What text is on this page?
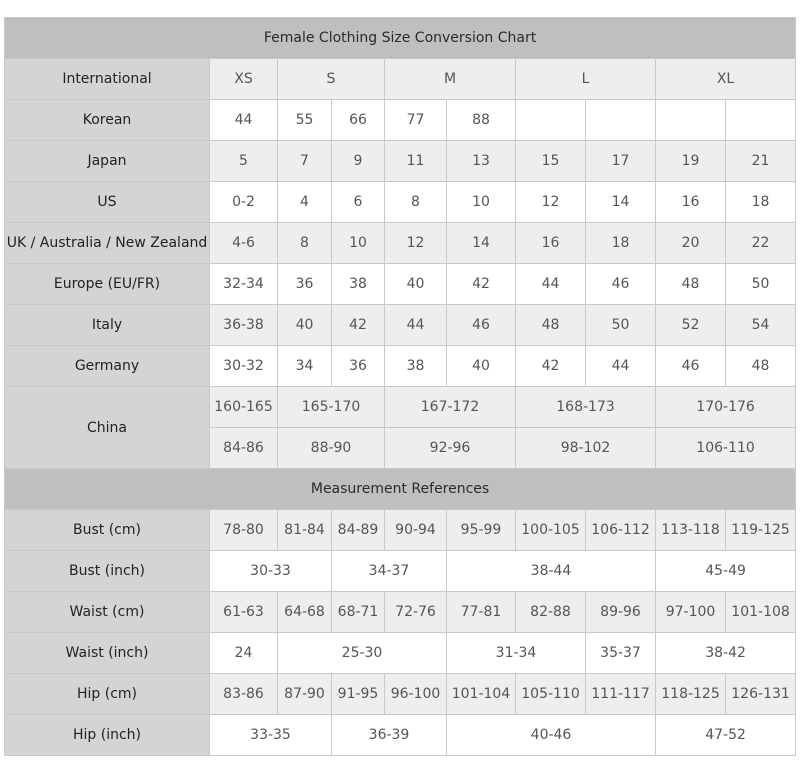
Female Clothing Size Conversion Chart									
International	XS	S		M		L		XL	
Korean	44	55	66	77	88				
Japan	5	7	9	11	13	15	17	19	21
US	0-2	4	6	8	10	12	14	16	18
UK / Australia / New Zealand	4-6	8	10	12	14	16	18	20	22
Europe (EU/FR)	32-34	36	38	40	42	44	46	48	50
Italy	36-38	40	42	44	46	48	50	52	54
Germany	30-32	34	36	38	40	42	44	46	48
China	160-165	165-170		167-172		168-173		170-176	
	84-86	88-90		92-96		98-102		106-110	
Measurement References									
Bust (cm)	78-80	81-84	84-89	90-94	95-99	100-105	106-112	113-118	119-125
Bust (inch)	30-33		34-37		38-44			45-49	
Waist (cm)	61-63	64-68	68-71	72-76	77-81	82-88	89-96	97-100	101-108
Waist (inch)	24	25-30			31-34		35-37	38-42	
Hip (cm)	83-86	87-90	91-95	96-100	101-104	105-110	111-117	118-125	126-131
Hip (inch)	33-35		36-39		40-46			47-52	
